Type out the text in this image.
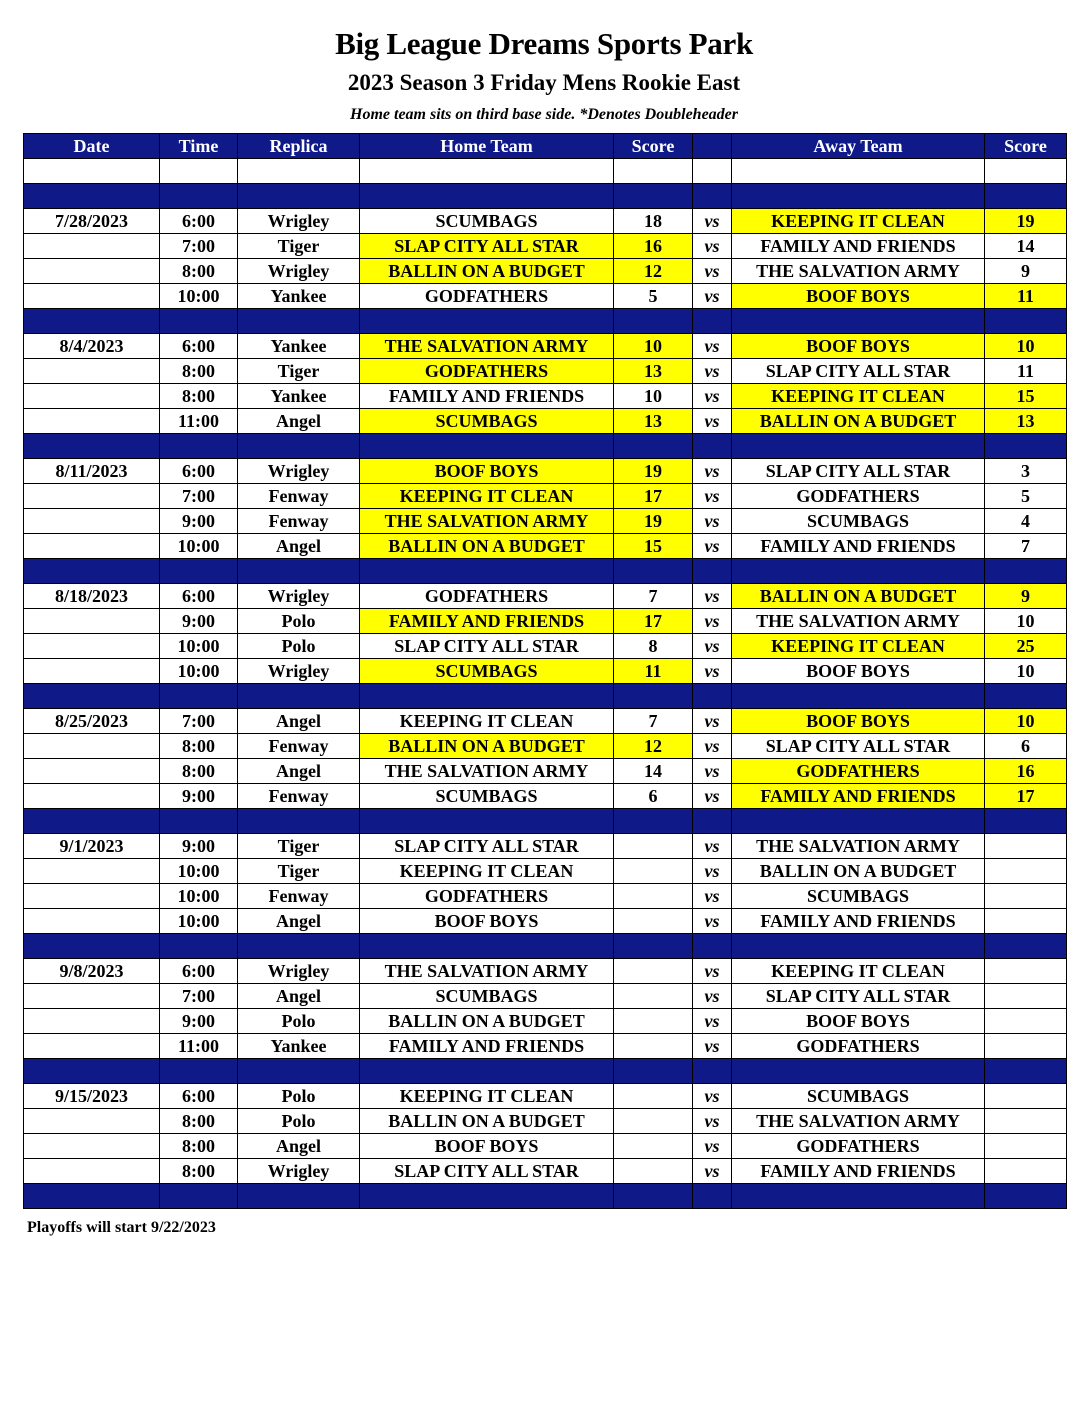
Big League Dreams Sports Park
2023 Season 3 Friday Mens Rookie East
Home team sits on third base side. *Denotes Doubleheader
Date	Time	Replica	Home Team	Score		Away Team	Score

7/28/2023	6:00	Wrigley	SCUMBAGS	18	vs	KEEPING IT CLEAN	19
	7:00	Tiger	SLAP CITY ALL STAR	16	vs	FAMILY AND FRIENDS	14
	8:00	Wrigley	BALLIN ON A BUDGET	12	vs	THE SALVATION ARMY	9
	10:00	Yankee	GODFATHERS	5	vs	BOOF BOYS	11

8/4/2023	6:00	Yankee	THE SALVATION ARMY	10	vs	BOOF BOYS	10
	8:00	Tiger	GODFATHERS	13	vs	SLAP CITY ALL STAR	11
	8:00	Yankee	FAMILY AND FRIENDS	10	vs	KEEPING IT CLEAN	15
	11:00	Angel	SCUMBAGS	13	vs	BALLIN ON A BUDGET	13

8/11/2023	6:00	Wrigley	BOOF BOYS	19	vs	SLAP CITY ALL STAR	3
	7:00	Fenway	KEEPING IT CLEAN	17	vs	GODFATHERS	5
	9:00	Fenway	THE SALVATION ARMY	19	vs	SCUMBAGS	4
	10:00	Angel	BALLIN ON A BUDGET	15	vs	FAMILY AND FRIENDS	7

8/18/2023	6:00	Wrigley	GODFATHERS	7	vs	BALLIN ON A BUDGET	9
	9:00	Polo	FAMILY AND FRIENDS	17	vs	THE SALVATION ARMY	10
	10:00	Polo	SLAP CITY ALL STAR	8	vs	KEEPING IT CLEAN	25
	10:00	Wrigley	SCUMBAGS	11	vs	BOOF BOYS	10

8/25/2023	7:00	Angel	KEEPING IT CLEAN	7	vs	BOOF BOYS	10
	8:00	Fenway	BALLIN ON A BUDGET	12	vs	SLAP CITY ALL STAR	6
	8:00	Angel	THE SALVATION ARMY	14	vs	GODFATHERS	16
	9:00	Fenway	SCUMBAGS	6	vs	FAMILY AND FRIENDS	17

9/1/2023	9:00	Tiger	SLAP CITY ALL STAR		vs	THE SALVATION ARMY	
	10:00	Tiger	KEEPING IT CLEAN		vs	BALLIN ON A BUDGET	
	10:00	Fenway	GODFATHERS		vs	SCUMBAGS	
	10:00	Angel	BOOF BOYS		vs	FAMILY AND FRIENDS	

9/8/2023	6:00	Wrigley	THE SALVATION ARMY		vs	KEEPING IT CLEAN	
	7:00	Angel	SCUMBAGS		vs	SLAP CITY ALL STAR	
	9:00	Polo	BALLIN ON A BUDGET		vs	BOOF BOYS	
	11:00	Yankee	FAMILY AND FRIENDS		vs	GODFATHERS	

9/15/2023	6:00	Polo	KEEPING IT CLEAN		vs	SCUMBAGS	
	8:00	Polo	BALLIN ON A BUDGET		vs	THE SALVATION ARMY	
	8:00	Angel	BOOF BOYS		vs	GODFATHERS	
	8:00	Wrigley	SLAP CITY ALL STAR		vs	FAMILY AND FRIENDS	

Playoffs will start 9/22/2023
